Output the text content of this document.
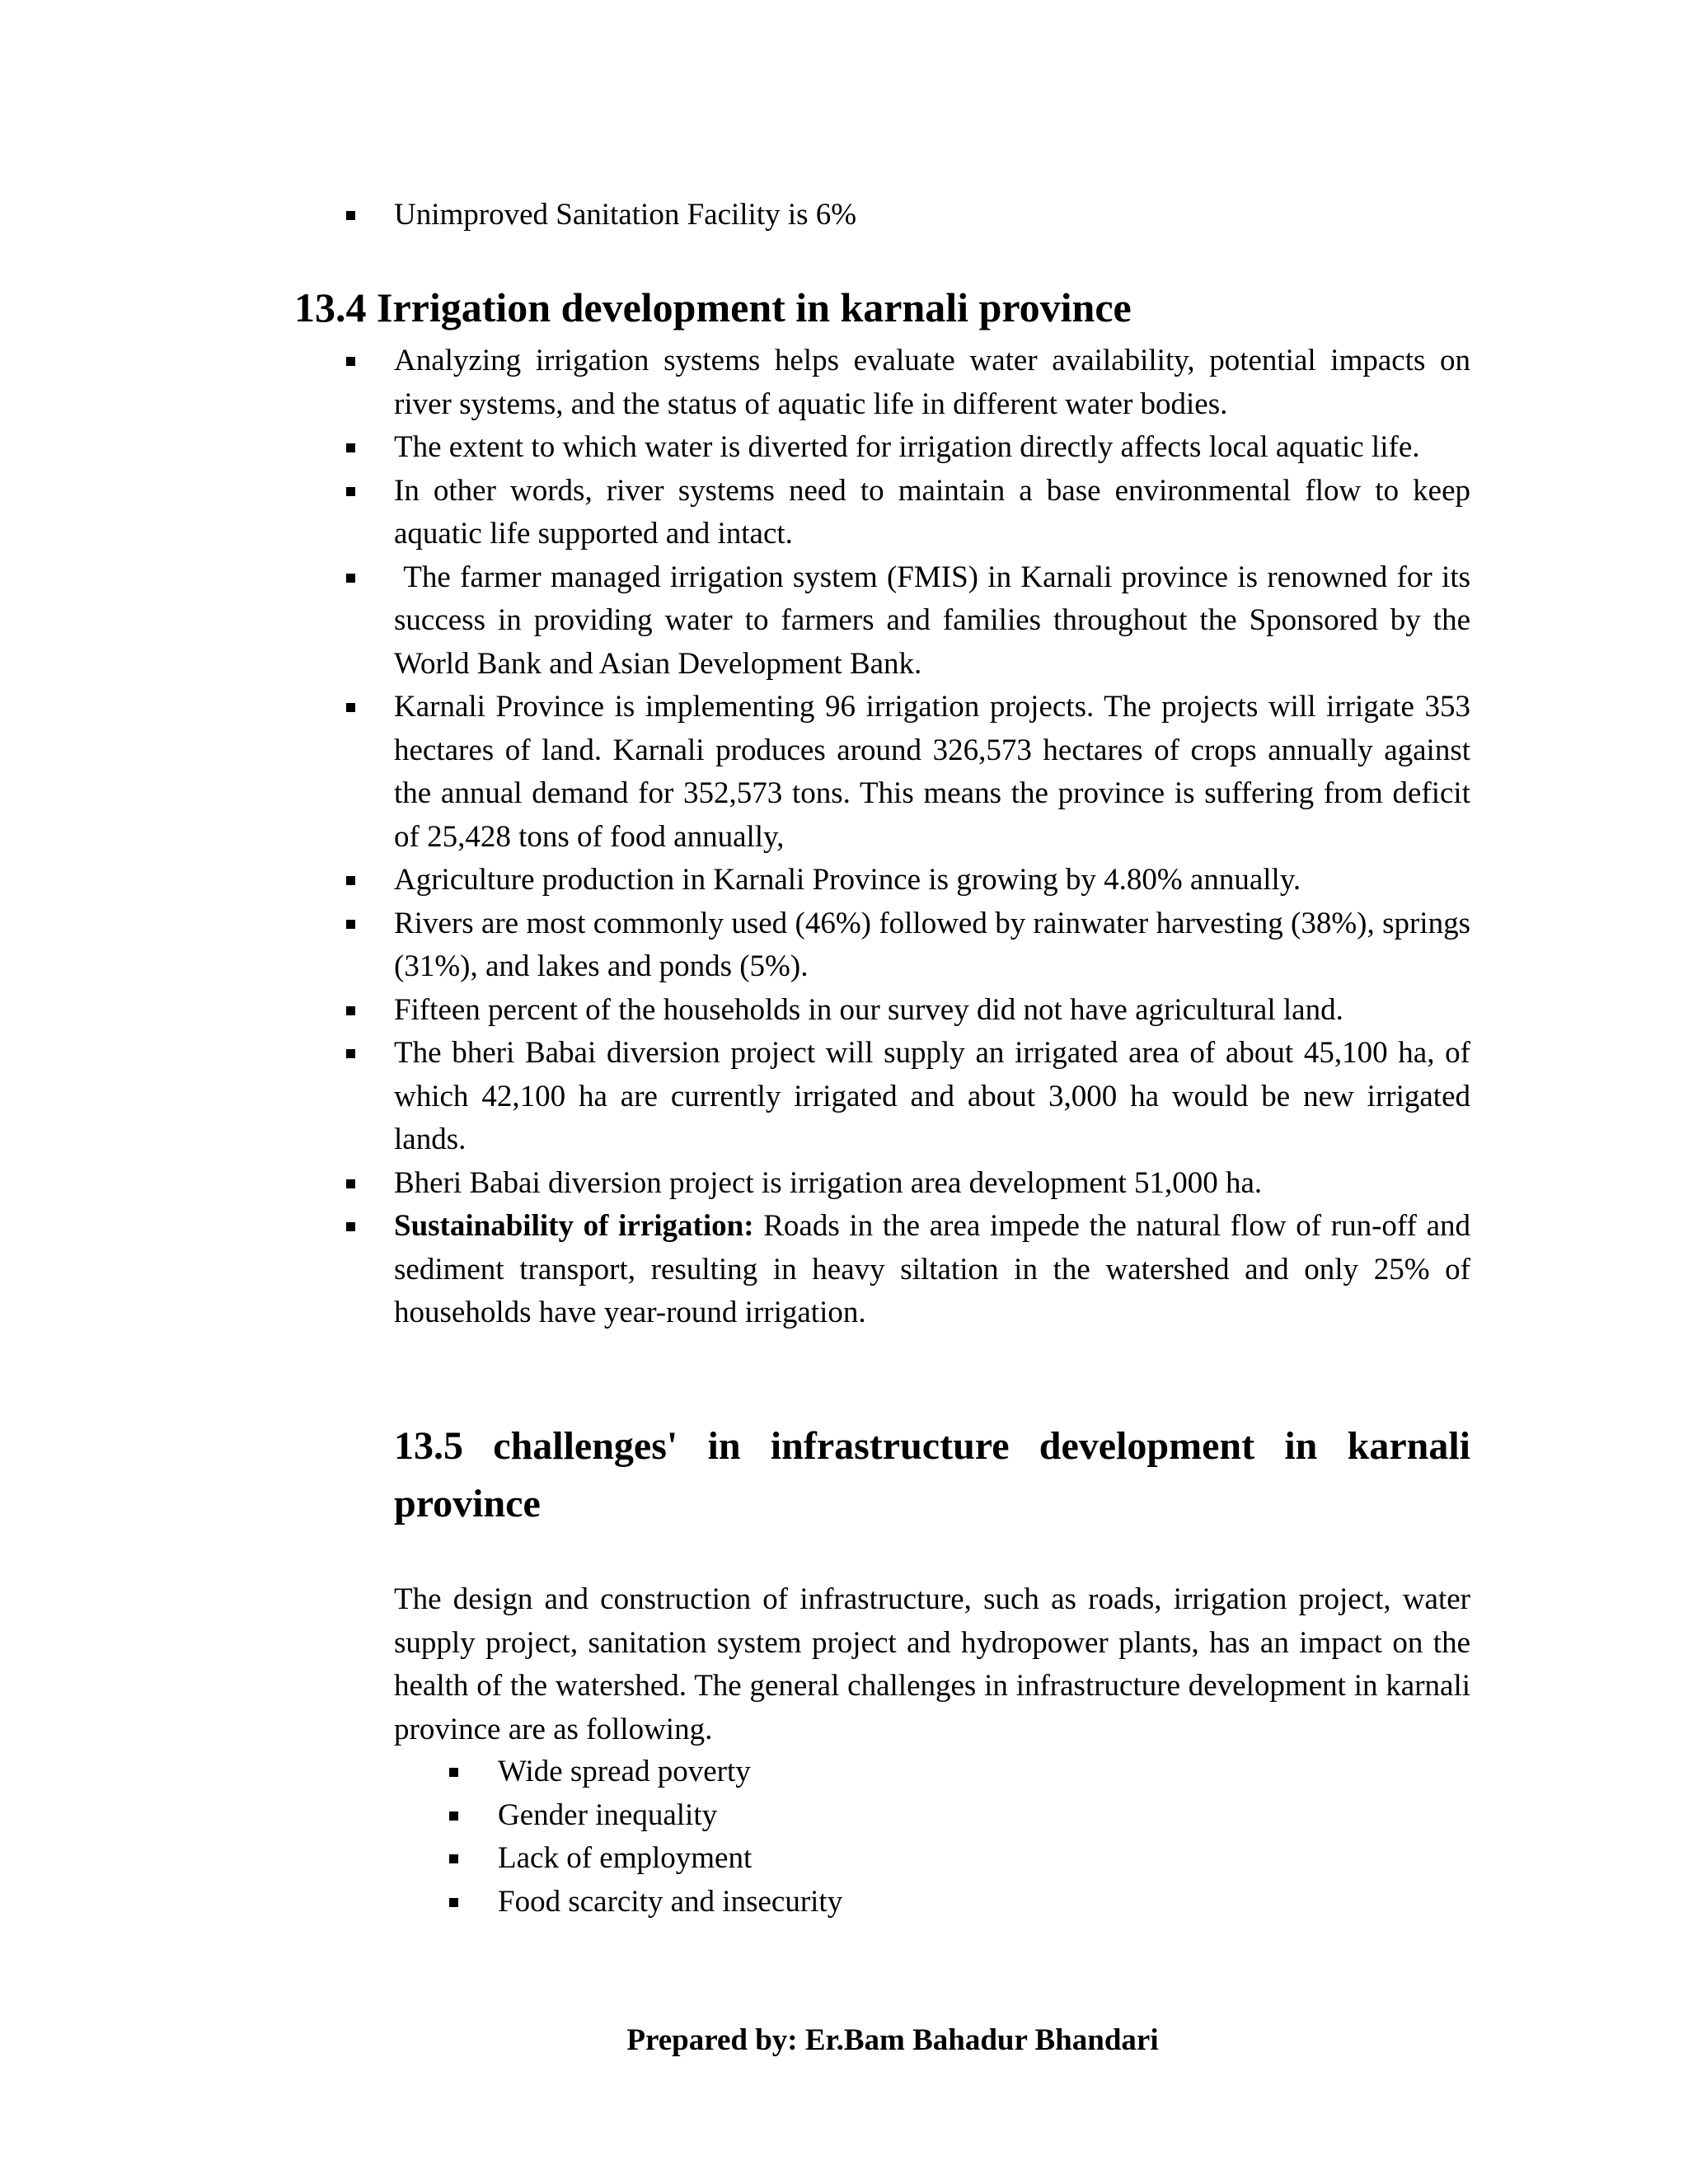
Unimproved Sanitation Facility is 6%
13.4 Irrigation development in karnali province
Analyzing irrigation systems helps evaluate water availability, potential impacts on river systems, and the status of aquatic life in different water bodies.
The extent to which water is diverted for irrigation directly affects local aquatic life.
In other words, river systems need to maintain a base environmental flow to keep aquatic life supported and intact.
The farmer managed irrigation system (FMIS) in Karnali province is renowned for its success in providing water to farmers and families throughout the Sponsored by the World Bank and Asian Development Bank.
Karnali Province is implementing 96 irrigation projects. The projects will irrigate 353 hectares of land. Karnali produces around 326,573 hectares of crops annually against the annual demand for 352,573 tons. This means the province is suffering from deficit of 25,428 tons of food annually,
Agriculture production in Karnali Province is growing by 4.80% annually.
Rivers are most commonly used (46%) followed by rainwater harvesting (38%), springs (31%), and lakes and ponds (5%).
Fifteen percent of the households in our survey did not have agricultural land.
The bheri Babai diversion project will supply an irrigated area of about 45,100 ha, of which 42,100 ha are currently irrigated and about 3,000 ha would be new irrigated lands.
Bheri Babai diversion project is irrigation area development 51,000 ha.
Sustainability of irrigation: Roads in the area impede the natural flow of run-off and sediment transport, resulting in heavy siltation in the watershed and only 25% of households have year-round irrigation.
13.5 challenges' in infrastructure development in karnali province

The design and construction of infrastructure, such as roads, irrigation project, water supply project, sanitation system project and hydropower plants, has an impact on the health of the watershed. The general challenges in infrastructure development in karnali province are as following.

Wide spread poverty
Gender inequality
Lack of employment
Food scarcity and insecurity
Prepared by: Er.Bam Bahadur Bhandari
